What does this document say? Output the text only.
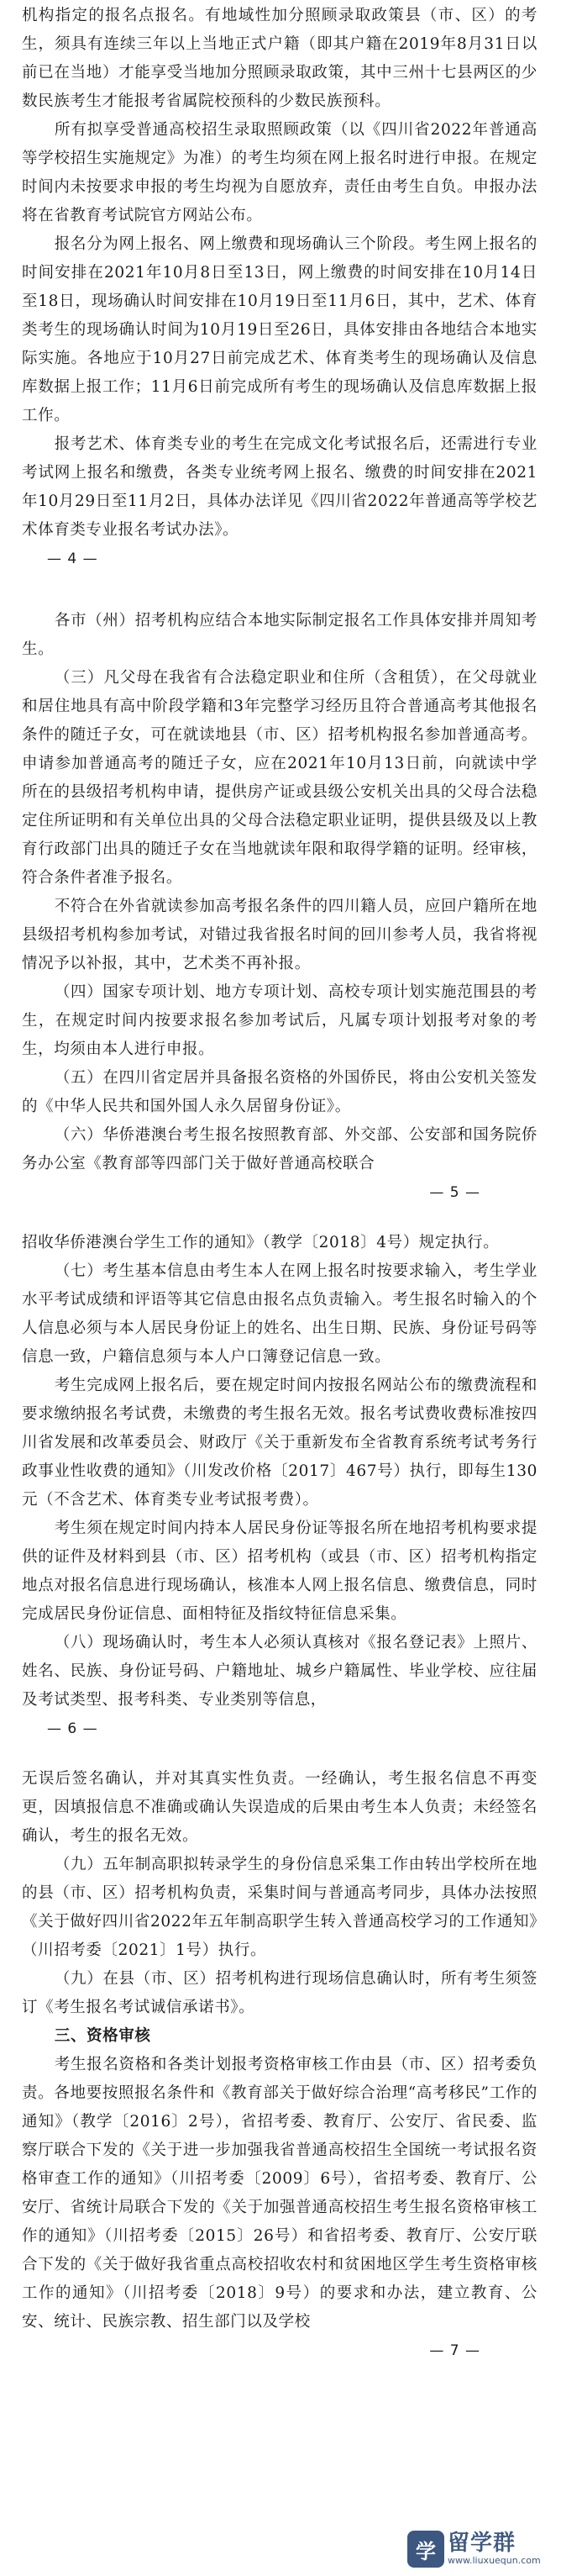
机构指定的报名点报名。有地域性加分照顾录取政策县（市、区）的考生，须具有连续三年以上当地正式户籍（即其户籍在2019年8月31日以前已在当地）才能享受当地加分照顾录取政策，其中三州十七县两区的少数民族考生才能报考省属院校预科的少数民族预科。

所有拟享受普通高校招生录取照顾政策（以《四川省2022年普通高等学校招生实施规定》为准）的考生均须在网上报名时进行申报。在规定时间内未按要求申报的考生均视为自愿放弃，责任由考生自负。申报办法将在省教育考试院官方网站公布。

报名分为网上报名、网上缴费和现场确认三个阶段。考生网上报名的时间安排在2021年10月8日至13日，网上缴费的时间安排在10月14日至18日，现场确认时间安排在10月19日至11月6日，其中，艺术、体育类考生的现场确认时间为10月19日至26日，具体安排由各地结合本地实际实施。各地应于10月27日前完成艺术、体育类考生的现场确认及信息库数据上报工作；11月6日前完成所有考生的现场确认及信息库数据上报工作。

报考艺术、体育类专业的考生在完成文化考试报名后，还需进行专业考试网上报名和缴费，各类专业统考网上报名、缴费的时间安排在2021年10月29日至11月2日，具体办法详见《四川省2022年普通高等学校艺术体育类专业报名考试办法》。

— 4 —

各市（州）招考机构应结合本地实际制定报名工作具体安排并周知考生。

（三）凡父母在我省有合法稳定职业和住所（含租赁），在父母就业和居住地具有高中阶段学籍和3年完整学习经历且符合普通高考其他报名条件的随迁子女，可在就读地县（市、区）招考机构报名参加普通高考。申请参加普通高考的随迁子女，应在2021年10月13日前，向就读中学所在的县级招考机构申请，提供房产证或县级公安机关出具的父母合法稳定住所证明和有关单位出具的父母合法稳定职业证明，提供县级及以上教育行政部门出具的随迁子女在当地就读年限和取得学籍的证明。经审核，符合条件者准予报名。

不符合在外省就读参加高考报名条件的四川籍人员，应回户籍所在地县级招考机构参加考试，对错过我省报名时间的回川参考人员，我省将视情况予以补报，其中，艺术类不再补报。

（四）国家专项计划、地方专项计划、高校专项计划实施范围县的考生，在规定时间内按要求报名参加考试后，凡属专项计划报考对象的考生，均须由本人进行申报。

（五）在四川省定居并具备报名资格的外国侨民，将由公安机关签发的《中华人民共和国外国人永久居留身份证》。

（六）华侨港澳台考生报名按照教育部、外交部、公安部和国务院侨务办公室《教育部等四部门关于做好普通高校联合

— 5 —

招收华侨港澳台学生工作的通知》（教学〔2018〕4号）规定执行。

（七）考生基本信息由考生本人在网上报名时按要求输入，考生学业水平考试成绩和评语等其它信息由报名点负责输入。考生报名时输入的个人信息必须与本人居民身份证上的姓名、出生日期、民族、身份证号码等信息一致，户籍信息须与本人户口簿登记信息一致。

考生完成网上报名后，要在规定时间内按报名网站公布的缴费流程和要求缴纳报名考试费，未缴费的考生报名无效。报名考试费收费标准按四川省发展和改革委员会、财政厅《关于重新发布全省教育系统考试考务行政事业性收费的通知》（川发改价格〔2017〕467号）执行，即每生130元（不含艺术、体育类专业考试报考费）。

考生须在规定时间内持本人居民身份证等报名所在地招考机构要求提供的证件及材料到县（市、区）招考机构（或县（市、区）招考机构指定地点对报名信息进行现场确认，核准本人网上报名信息、缴费信息，同时完成居民身份证信息、面相特征及指纹特征信息采集。

（八）现场确认时，考生本人必须认真核对《报名登记表》上照片、姓名、民族、身份证号码、户籍地址、城乡户籍属性、毕业学校、应往届及考试类型、报考科类、专业类别等信息，

— 6 —

无误后签名确认，并对其真实性负责。一经确认，考生报名信息不再变更，因填报信息不准确或确认失误造成的后果由考生本人负责；未经签名确认，考生的报名无效。

（九）五年制高职拟转录学生的身份信息采集工作由转出学校所在地的县（市、区）招考机构负责，采集时间与普通高考同步，具体办法按照《关于做好四川省2022年五年制高职学生转入普通高校学习的工作通知》（川招考委〔2021〕1号）执行。

（九）在县（市、区）招考机构进行现场信息确认时，所有考生须签订《考生报名考试诚信承诺书》。

三、资格审核

考生报名资格和各类计划报考资格审核工作由县（市、区）招考委负责。各地要按照报名条件和《教育部关于做好综合治理“高考移民”工作的通知》（教学〔2016〕2号），省招考委、教育厅、公安厅、省民委、监察厅联合下发的《关于进一步加强我省普通高校招生全国统一考试报名资格审查工作的通知》（川招考委〔2009〕6号），省招考委、教育厅、公安厅、省统计局联合下发的《关于加强普通高校招生考生报名资格审核工作的通知》（川招考委〔2015〕26号）和省招考委、教育厅、公安厅联合下发的《关于做好我省重点高校招收农村和贫困地区学生考生资格审核工作的通知》（川招考委〔2018〕9号）的要求和办法，建立教育、公安、统计、民族宗教、招生部门以及学校

— 7 —
学 留学群
www.liuxuequn.com
